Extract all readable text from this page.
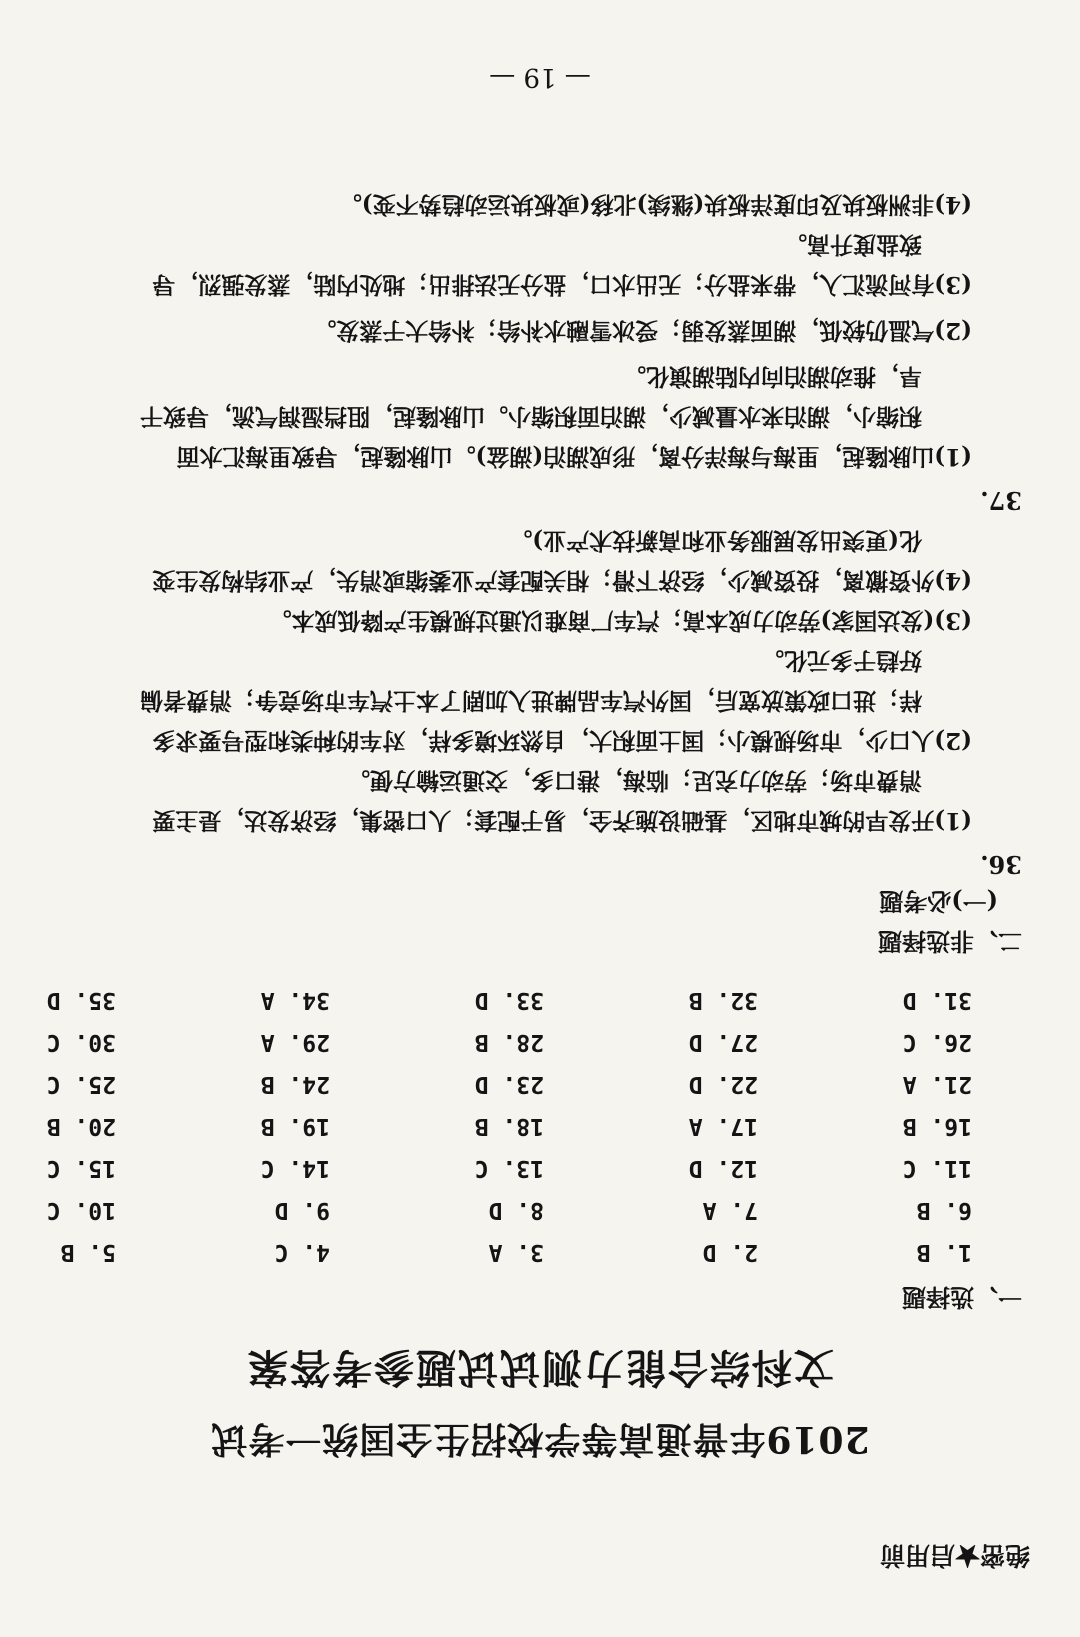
绝密★启用前
2019年普通高等学校招生全国统一考试
文科综合能力测试试题参考答案
一、选择题
1. B2. D3. A4. C5. B
6. B7. A8. D9. D10. C
11. C12. D13. C14. C15. C
16. B17. A18. B19. B20. B
21. A22. D23. D24. B25. C
26. C27. D28. B29. A30. C
31. D32. B33. D34. A35. D
二、非选择题
(一)必考题
36.
(1)开发早的城市地区，基础设施齐全，易于配套；人口密集，经济发达，是主要
消费市场；劳动力充足；临海，港口多，交通运输方便。
(2)人口少，市场规模小；国土面积大，自然环境多样，对车的种类和型号要求多
样；进口政策放宽后，国外汽车品牌进入加剧了本土汽车市场竞争；消费者偏
好趋于多元化。
(3)(发达国家)劳动力成本高；汽车厂商难以通过规模生产降低成本。
(4)外资撤离，投资减少，经济下滑；相关配套产业萎缩或消失，产业结构发生变
化(更突出发展服务业和高新技术产业)。
37.
(1)山脉隆起，里海与海洋分离，形成湖泊(湖盆)。山脉隆起，导致里海汇水面
积缩小，湖泊来水量减少，湖泊面积缩小。山脉隆起，阻挡湿润气流，导致干
旱，推动湖泊向内陆湖演化。
(2)气温仍较低，湖面蒸发弱；受冰雪融水补给；补给大于蒸发。
(3)有河流汇入，带来盐分；无出水口，盐分无法排出；地处内陆，蒸发强烈，导
致盐度升高。
(4)非洲板块及印度洋板块(继续)北移(或板块运动趋势不变)。
— 19 —
